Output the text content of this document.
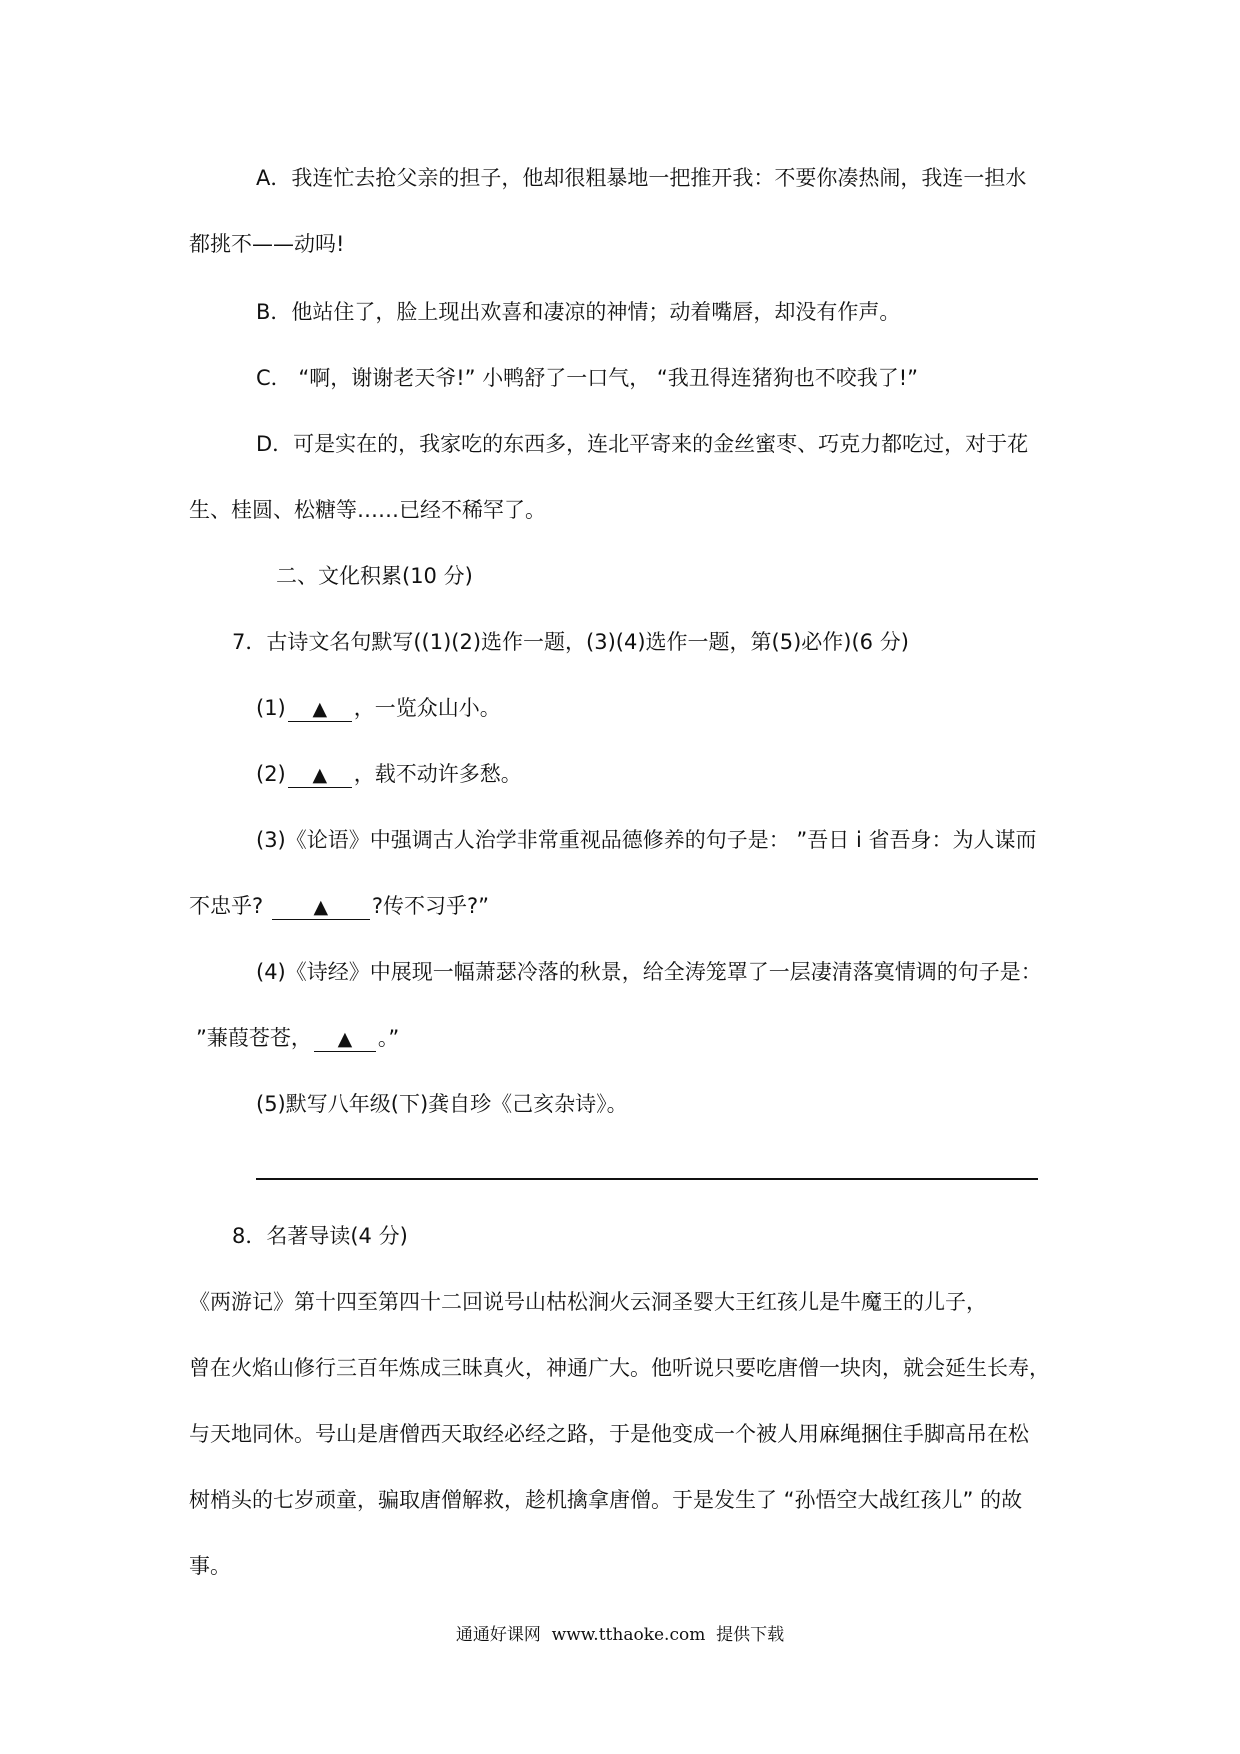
A．我连忙去抢父亲的担子，他却很粗暴地一把推开我：不要你凑热闹，我连一担水
都挑不——动吗!
B．他站住了，脸上现出欢喜和凄凉的神情；动着嘴唇，却没有作声。
C． “啊，谢谢老天爷!” 小鸭舒了一口气， “我丑得连猪狗也不咬我了!”
D．可是实在的，我家吃的东西多，连北平寄来的金丝蜜枣、巧克力都吃过，对于花
生、桂圆、松糖等……已经不稀罕了。
二、文化积累(10 分)
7．古诗文名句默写((1)(2)选作一题，(3)(4)选作一题，第(5)必作)(6 分)
(1) ▲ ，一览众山小。
(2) ▲ ，载不动许多愁。
(3)《论语》中强调古人治学非常重视品德修养的句子是： ”吾日 i 省吾身：为人谋而
不忠乎? ▲ ?传不习乎?”
(4)《诗经》中展现一幅萧瑟冷落的秋景，给全涛笼罩了一层凄清落寞情调的句子是：
”蒹葭苍苍， ▲ 。”
(5)默写八年级(下)龚自珍《己亥杂诗》。
8．名著导读(4 分)
《两游记》第十四至第四十二回说号山枯松涧火云洞圣婴大王红孩儿是牛魔王的儿子，
曾在火焰山修行三百年炼成三昧真火，神通广大。他听说只要吃唐僧一块肉，就会延生长寿，
与天地同休。号山是唐僧西天取经必经之路，于是他变成一个被人用麻绳捆住手脚高吊在松
树梢头的七岁顽童，骗取唐僧解救，趁机擒拿唐僧。于是发生了 “孙悟空大战红孩儿” 的故
事。
通通好课网  www.tthaoke.com  提供下载
